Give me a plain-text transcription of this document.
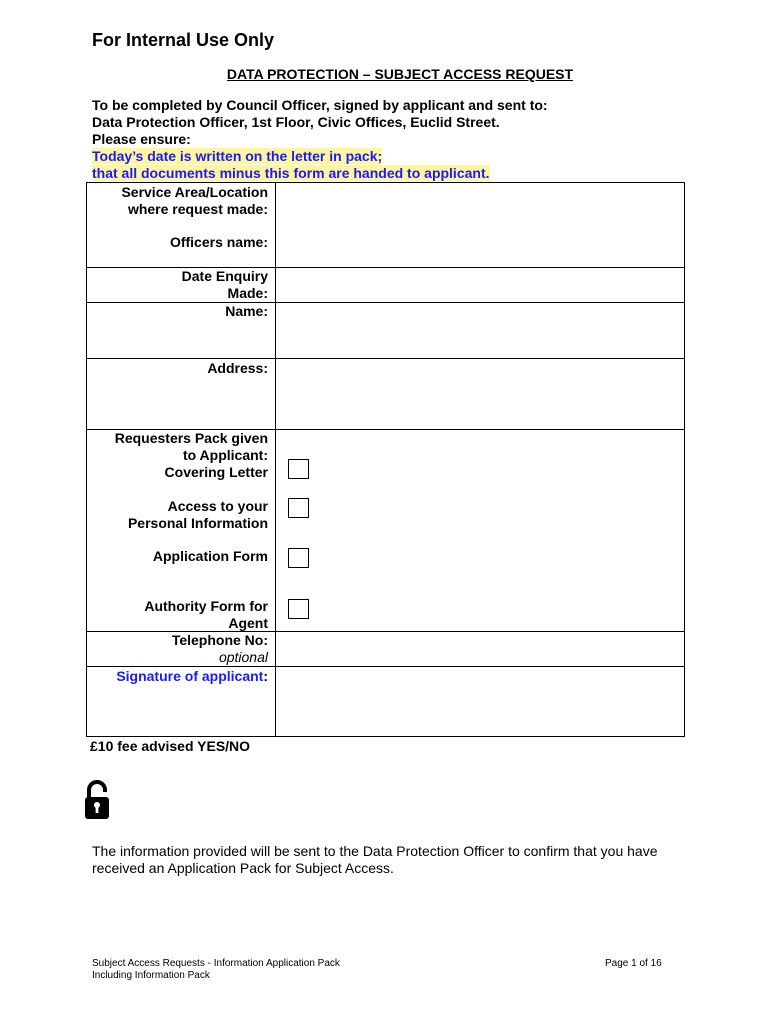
For Internal Use Only
DATA PROTECTION – SUBJECT ACCESS REQUEST
To be completed by Council Officer, signed by applicant and sent to:
Data Protection Officer, 1st Floor, Civic Offices, Euclid Street.
Please ensure:
Today’s date is written on the letter in pack;
that all documents minus this form are handed to applicant.
Service Area/Location
where request made:
Officers name:
Date Enquiry
Made:
Name:
Address:
Requesters Pack given
to Applicant:
Covering Letter
Access to your
Personal Information
Application Form
Authority Form for
Agent
Telephone No:
optional
Signature of applicant:
£10 fee advised YES/NO
The information provided will be sent to the Data Protection Officer to confirm that you have received an Application Pack for Subject Access.
Subject Access Requests - Information Application Pack
Including Information Pack
Page 1 of 16
